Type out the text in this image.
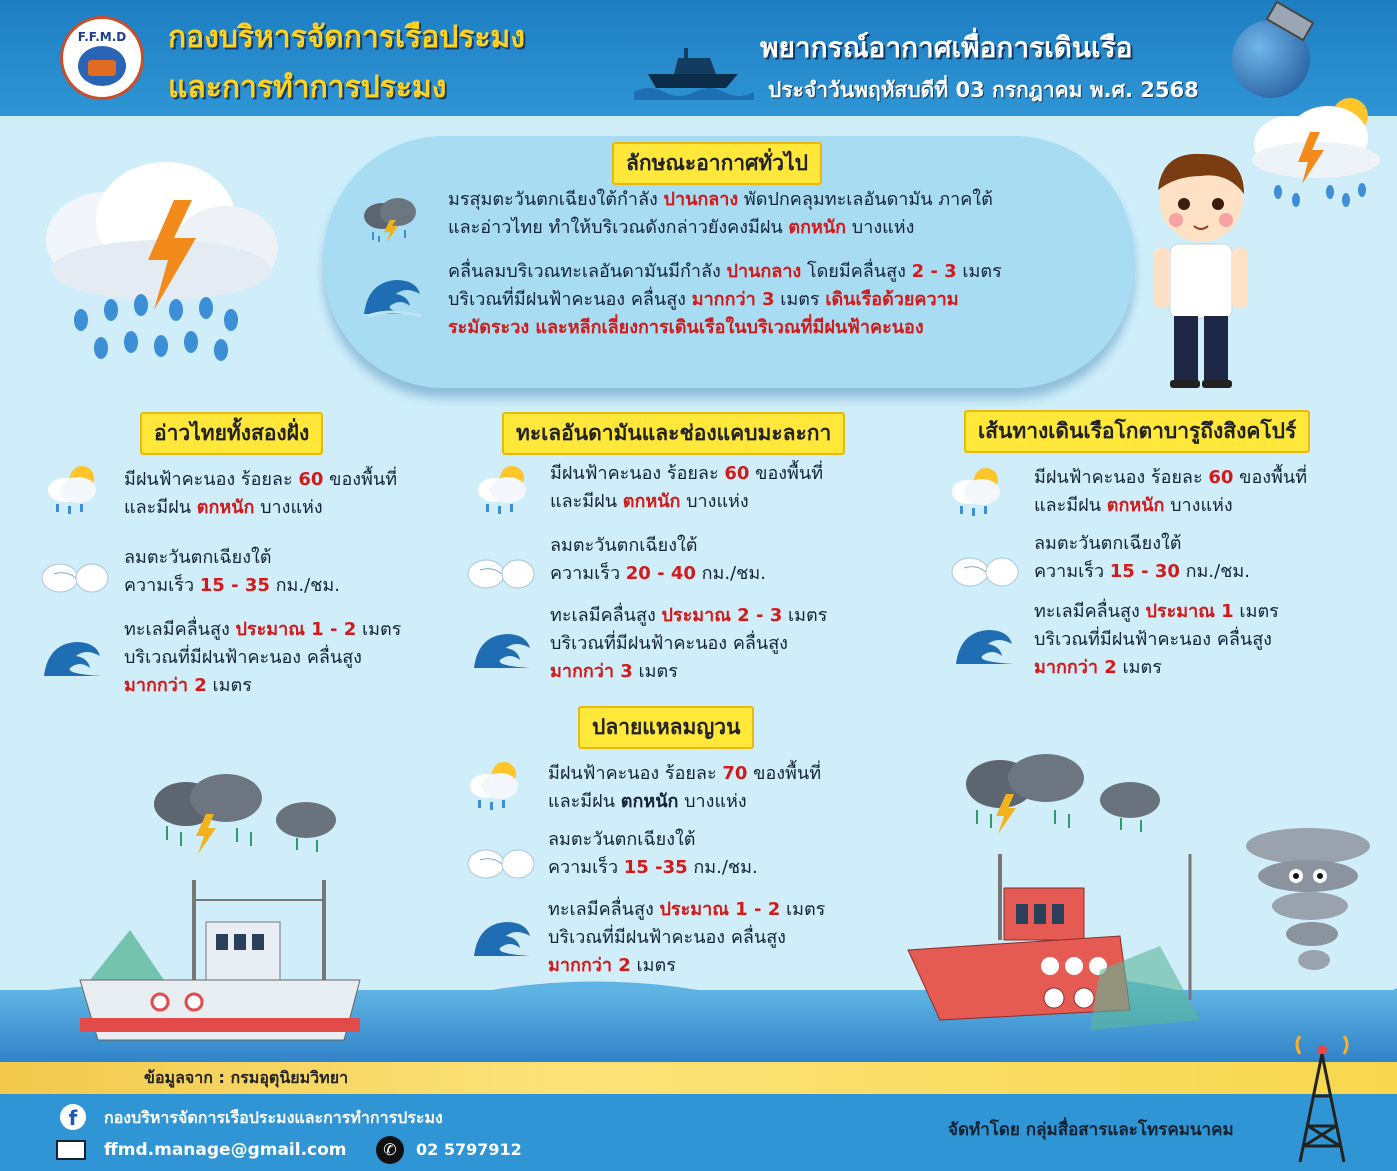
F.F.M.D กองบริหารจัดการเรือประมง
และการทำการประมง
พยากรณ์อากาศเพื่อการเดินเรือ
ประจำวันพฤหัสบดีที่ 03 กรกฎาคม พ.ศ. 2568
ลักษณะอากาศทั่วไป
มรสุมตะวันตกเฉียงใต้กำลัง ปานกลาง พัดปกคลุมทะเลอันดามัน ภาคใต้
และอ่าวไทย ทำให้บริเวณดังกล่าวยังคงมีฝน ตกหนัก บางแห่ง
คลื่นลมบริเวณทะเลอันดามันมีกำลัง ปานกลาง โดยมีคลื่นสูง 2 - 3 เมตร
บริเวณที่มีฝนฟ้าคะนอง คลื่นสูง มากกว่า 3 เมตร เดินเรือด้วยความ
ระมัดระวง และหลีกเลี่ยงการเดินเรือในบริเวณที่มีฝนฟ้าคะนอง
อ่าวไทยทั้งสองฝั่ง
มีฝนฟ้าคะนอง ร้อยละ 60 ของพื้นที่
และมีฝน ตกหนัก บางแห่ง
ลมตะวันตกเฉียงใต้
ความเร็ว 15 - 35 กม./ชม.
ทะเลมีคลื่นสูง ประมาณ 1 - 2 เมตร
บริเวณที่มีฝนฟ้าคะนอง คลื่นสูง
มากกว่า 2 เมตร
ทะเลอันดามันและช่องแคบมะละกา
มีฝนฟ้าคะนอง ร้อยละ 60 ของพื้นที่
และมีฝน ตกหนัก บางแห่ง
ลมตะวันตกเฉียงใต้
ความเร็ว 20 - 40 กม./ชม.
ทะเลมีคลื่นสูง ประมาณ 2 - 3 เมตร
บริเวณที่มีฝนฟ้าคะนอง คลื่นสูง
มากกว่า 3 เมตร
เส้นทางเดินเรือโกตาบารูถึงสิงคโปร์
มีฝนฟ้าคะนอง ร้อยละ 60 ของพื้นที่
และมีฝน ตกหนัก บางแห่ง
ลมตะวันตกเฉียงใต้
ความเร็ว 15 - 30 กม./ชม.
ทะเลมีคลื่นสูง ประมาณ 1 เมตร
บริเวณที่มีฝนฟ้าคะนอง คลื่นสูง
มากกว่า 2 เมตร
ปลายแหลมญวน
มีฝนฟ้าคะนอง ร้อยละ 70 ของพื้นที่
และมีฝน ตกหนัก บางแห่ง
ลมตะวันตกเฉียงใต้
ความเร็ว 15 -35 กม./ชม.
ทะเลมีคลื่นสูง ประมาณ 1 - 2 เมตร
บริเวณที่มีฝนฟ้าคะนอง คลื่นสูง
มากกว่า 2 เมตร
ข้อมูลจาก : กรมอุตุนิยมวิทยา
f	กองบริหารจัดการเรือประมงและการทำการประมง
ffmd.manage@gmail.com	✆	02 5797912
จัดทำโดย กลุ่มสื่อสารและโทรคมนาคม
